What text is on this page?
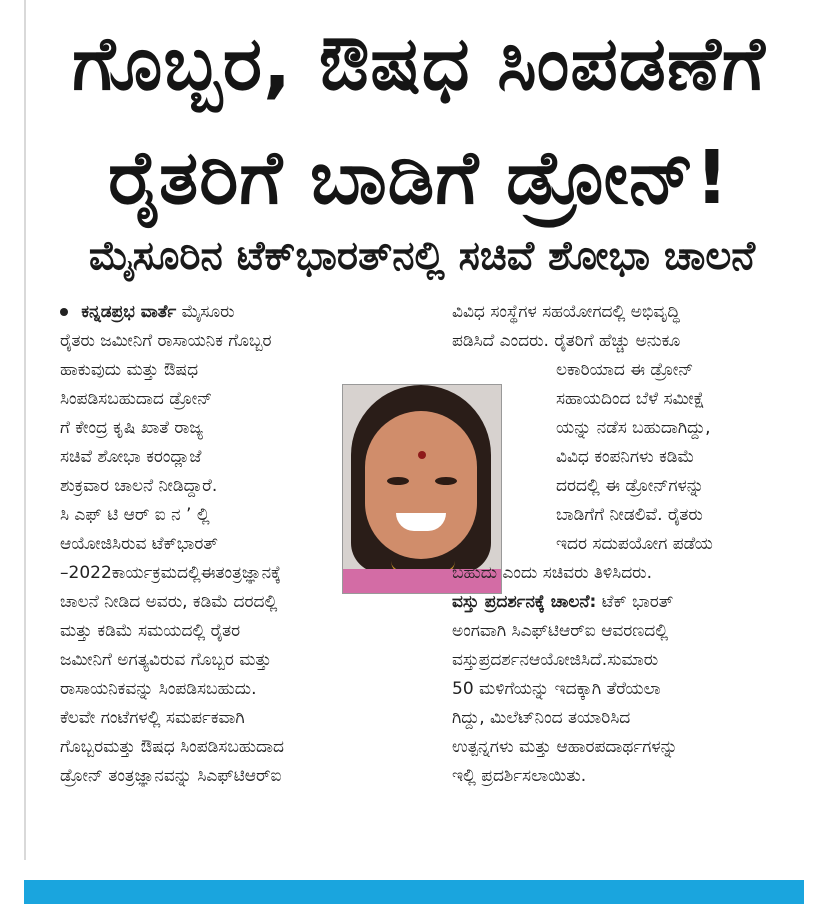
ಗೊಬ್ಬರ, ಔಷಧ ಸಿಂಪಡಣೆಗೆ
ರೈತರಿಗೆ ಬಾಡಿಗೆ ಡ್ರೋನ್!
ಮೈಸೂರಿನ ಟೆಕ್‌ಭಾರತ್‌ನಲ್ಲಿ ಸಚಿವೆ ಶೋಭಾ ಚಾಲನೆ
ಕನ್ನಡಪ್ರಭ ವಾರ್ತೆ ಮೈಸೂರು
ರೈತರು ಜಮೀನಿಗೆ ರಾಸಾಯನಿಕ ಗೊಬ್ಬರ
ಹಾಕುವುದು ಮತ್ತು ಔಷಧ
ಸಿಂಪಡಿಸಬಹುದಾದ ಡ್ರೋನ್
ಗೆ ಕೇಂದ್ರ ಕೃಷಿ ಖಾತೆ ರಾಜ್ಯ
ಸಚಿವೆ ಶೋಭಾ ಕರಂದ್ಲಾಜೆ
ಶುಕ್ರವಾರ ಚಾಲನೆ ನೀಡಿದ್ದಾರೆ.
ಸಿ ಎಫ್ ಟಿ ಆರ್ ಐ ನ ’ ಲ್ಲಿ
ಆಯೋಜಿಸಿರುವ ಟೆಕ್‌ಭಾರತ್
–2022ಕಾರ್ಯಕ್ರಮದಲ್ಲಿಈತಂತ್ರಜ್ಞಾನಕ್ಕೆ
ಚಾಲನೆ ನೀಡಿದ ಅವರು, ಕಡಿಮೆ ದರದಲ್ಲಿ
ಮತ್ತು ಕಡಿಮೆ ಸಮಯದಲ್ಲಿ ರೈತರ
ಜಮೀನಿಗೆ ಅಗತ್ಯವಿರುವ ಗೊಬ್ಬರ ಮತ್ತು
ರಾಸಾಯನಿಕವನ್ನು ಸಿಂಪಡಿಸಬಹುದು.
ಕೆಲವೇ ಗಂಟೆಗಳಲ್ಲಿ ಸಮರ್ಪಕವಾಗಿ
ಗೊಬ್ಬರಮತ್ತು ಔಷಧ ಸಿಂಪಡಿಸಬಹುದಾದ
ಡ್ರೋನ್ ತಂತ್ರಜ್ಞಾನವನ್ನು ಸಿಎಫ್‌ಟಿಆರ್‌ಐ
ವಿವಿಧ ಸಂಸ್ಥೆಗಳ ಸಹಯೋಗದಲ್ಲಿ ಅಭಿವೃದ್ಧಿ
ಪಡಿಸಿದೆ ಎಂದರು. ರೈತರಿಗೆ ಹೆಚ್ಚು ಅನುಕೂ
ಲಕಾರಿಯಾದ ಈ ಡ್ರೋನ್
ಸಹಾಯದಿಂದ ಬೆಳೆ ಸಮೀಕ್ಷೆ
ಯನ್ನು ನಡೆಸ ಬಹುದಾಗಿದ್ದು,
ವಿವಿಧ ಕಂಪನಿಗಳು ಕಡಿಮೆ
ದರದಲ್ಲಿ ಈ ಡ್ರೋನ್‌ಗಳನ್ನು
ಬಾಡಿಗೆಗೆ ನೀಡಲಿವೆ. ರೈತರು
ಇದರ ಸದುಪಯೋಗ ಪಡೆಯ
ಬಹುದು ಎಂದು ಸಚಿವರು ತಿಳಿಸಿದರು.
ವಸ್ತು ಪ್ರದರ್ಶನಕ್ಕೆ ಚಾಲನೆ: ಟೆಕ್ ಭಾರತ್
ಅಂಗವಾಗಿ ಸಿಎಫ್‌ಟಿಆರ್‌ಐ ಆವರಣದಲ್ಲಿ
ವಸ್ತುಪ್ರದರ್ಶನಆಯೋಜಿಸಿದೆ.ಸುಮಾರು
50 ಮಳಿಗೆಯನ್ನು ಇದಕ್ಕಾಗಿ ತೆರೆಯಲಾ
ಗಿದ್ದು, ಮಿಲೆಟ್‌ನಿಂದ ತಯಾರಿಸಿದ
ಉತ್ಪನ್ನಗಳು ಮತ್ತು ಆಹಾರಪದಾರ್ಥಗಳನ್ನು
ಇಲ್ಲಿ ಪ್ರದರ್ಶಿಸಲಾಯಿತು.
